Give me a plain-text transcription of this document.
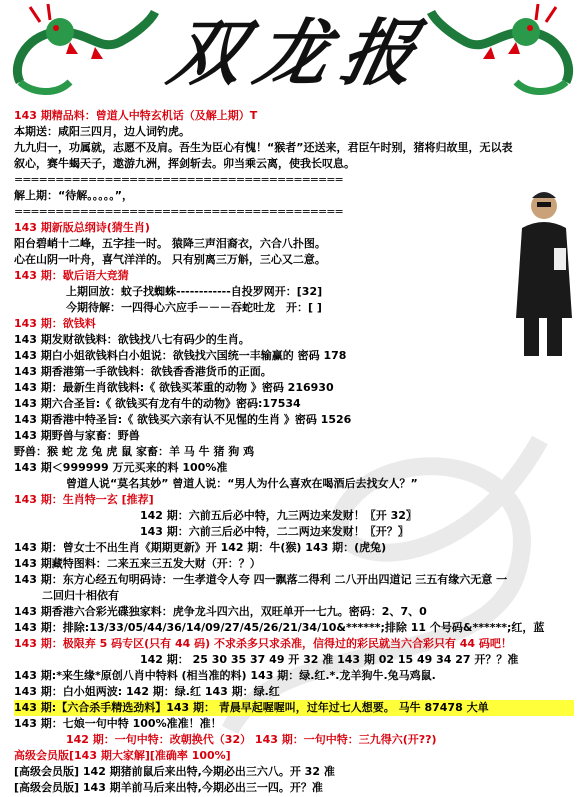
双龙报
143 期精品料：曾道人中特玄机话（及解上期）T
本期送：咸阳三四月，边人词钓虎。
九九归一，功属就，志愿不及肩。吾生为臣心有愧！“猴者”还送来，君臣午时别，猪将归故里，无以表
叙心，赛牛蝎天子，遨游九洲，挥剑斩去。卯当乘云离，使我长叹息。
========================================
解上期：“待解。。。。。”，
========================================
143 期新版总纲诗(猜生肖)
阳台碧峭十二峰，五字挂一时。 猿降三声泪裔衣，六合八扑图。
心在山阴一叶舟，喜气洋洋的。 只有别离三万斛，三心又二意。
143 期：歇后语大竞猜
上期回放：蚊子找蜘蛛------------自投罗网开：[32]
今期待解：一四得心六应手－－－吞蛇吐龙　开：[ ]
143 期：欲钱料
143 期发财欲钱料：欲钱找八七有码少的生肖。
143 期白小姐欲钱料白小姐说：欲钱找六国统一丰输赢的 密码 178
143 期香港第一手欲钱料：欲钱香香港货币的正面。
143 期：最新生肖欲钱料:《 欲钱买苯重的动物 》密码 216930
143 期六合圣旨:《 欲钱买有龙有牛的动物》密码:17534
143 期香港中特圣旨:《 欲钱买六亲有认不见惺的生肖 》密码 1526
143 期野兽与家畜：野兽
野兽：猴 蛇 龙 兔 虎 鼠 家畜：羊 马 牛 猪 狗 鸡
143 期＜999999 万元买来的料 100%准
曾道人说“莫名其妙” 曾道人说：“男人为什么喜欢在喝酒后去找女人？”
143 期：生肖特一玄 [推荐]
142 期：六前五后必中特，九三两边来发财！〖开 32〗
143 期：六前三后必中特，二二两边来发财！〖开？〗
143 期：曾女士不出生肖《期期更新》开 142 期：牛(猴) 143 期：(虎兔)
143 期藏特图料：二来五来三五发大财（开：？）
143 期：东方心经五句明码诗：一生孝道令人夸 四一飘落二得利 二八开出四道记 三五有缘六无意 一
二回归十相依有
143 期香港六合彩光碟独家料：虎争龙斗四六出，双旺单开一七九。密码：2、7、0
143 期：排除:13/33/05/44/36/14/09/27/45/26/21/34/10&******;排除 11 个号码&******;红，蓝
143 期：极限弃 5 码专区(只有 44 码) 不求杀多只求杀准，信得过的彩民就当六合彩只有 44 码吧！
142 期： 25 30 35 37 49 开 32 准 143 期 02 15 49 34 27 开？？准
143 期:*来生缘*原创八肖中特料 (相当准的料) 143 期：绿.红.*.龙羊狗牛.兔马鸡鼠.
143 期：白小姐两波: 142 期：绿.红 143 期：绿.红
143 期:【六合杀手精选劲料】143 期： 青晨早起喔喔叫，过年过七人想要。 马牛 87478 大单
143 期：七娘一句中特 100%准准！准！
142 期：一句中特：改朝换代（32） 143 期：一句中特：三九得六(开??)
高级会员版[143 期大家解][准确率 100%]
[高级会员版] 142 期猪前鼠后来出特,今期必出三六八。开 32 准
[高级会员版] 143 期羊前马后来出特,今期必出三一四。开？准
